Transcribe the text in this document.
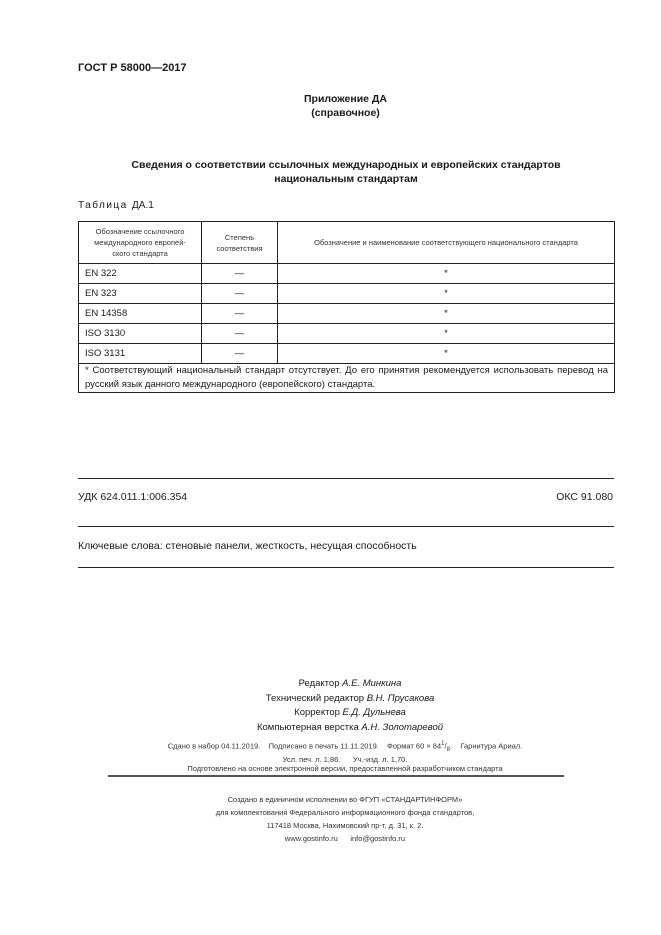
ГОСТ Р 58000—2017
Приложение ДА
(справочное)
Сведения о соответствии ссылочных международных и европейских стандартов
национальным стандартам
Таблица ДА.1
Обозначение ссылочного международного европей- ского стандарта	Степень соответствия	Обозначение и наименование соответствующего национального стандарта
EN 322	—	*
EN 323	—	*
EN 14358	—	*
ISO 3130	—	*
ISO 3131	—	*
* Соответствующий национальный стандарт отсутствует. До его принятия рекомендуется использовать перевод на русский язык данного международного (европейского) стандарта.		
УДК 624.011.1:006.354	ОКС 91.080
Ключевые слова: стеновые панели, жесткость, несущая способность
Редактор А.Е. Минкина
Технический редактор В.Н. Прусакова
Корректор Е.Д. Дульнева
Компьютерная верстка А.Н. Золотаревой
Сдано в набор 04.11.2019.    Подписано в печать 11.11.2019.    Формат $60 \times 84^1/_8$.    Гарнитура Ариал.
Усл. печ. л. 1,86.      Уч.-изд. л. 1,70.
Подготовлено на основе электронной версии, предоставленной разработчиком стандарта
Создано в единичном исполнении во ФГУП «СТАНДАРТИНФОРМ»
для комплектования Федерального информационного фонда стандартов,
117418 Москва, Нахимовский пр-т, д. 31, к. 2.
www.gostinfo.ru      info@gostinfo.ru
